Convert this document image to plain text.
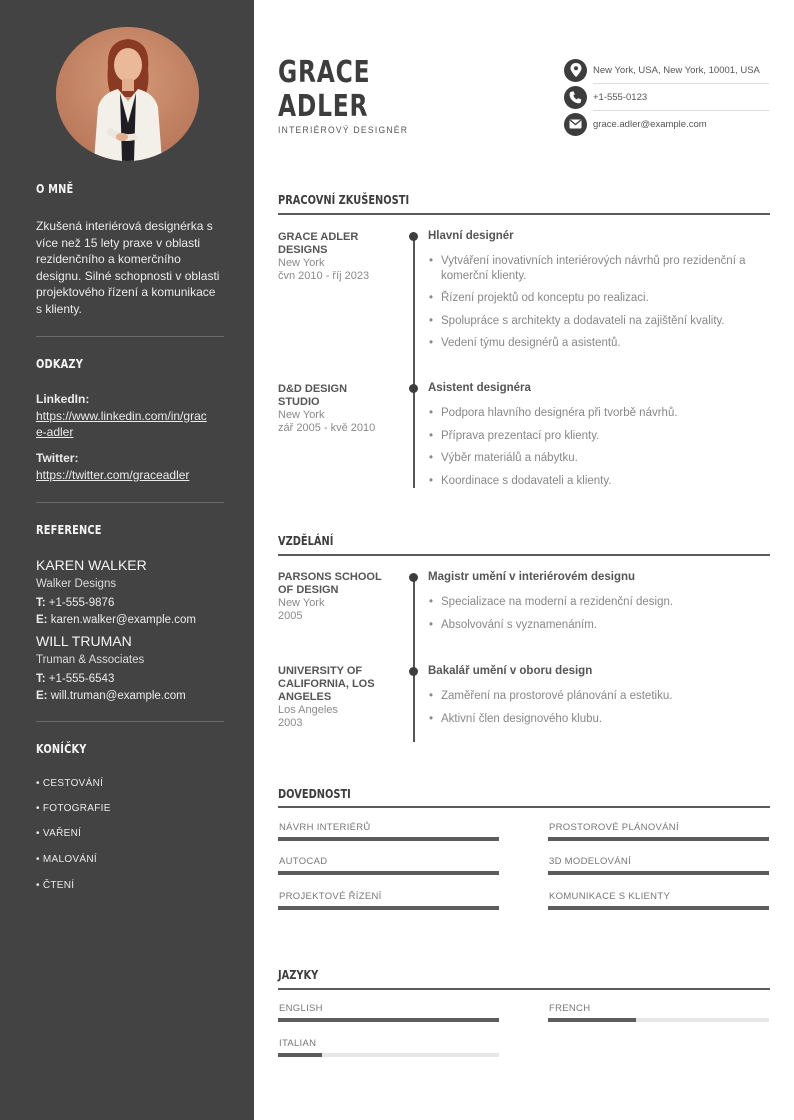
O MNĚ
Zkušená interiérová designérka s více než 15 lety praxe v oblasti rezidenčního a komerčního designu. Silné schopnosti v oblasti projektového řízení a komunikace s klienty.
ODKAZY
LinkedIn:
https://www.linkedin.com/in/grac
e-adler
Twitter:
https://twitter.com/graceadler
REFERENCE
KAREN WALKER
Walker Designs
T: +1-555-9876
E: karen.walker@example.com
WILL TRUMAN
Truman & Associates
T: +1-555-6543
E: will.truman@example.com
KONÍČKY
• CESTOVÁNÍ
• FOTOGRAFIE
• VAŘENÍ
• MALOVÁNÍ
• ČTENÍ
GRACE
ADLER
INTERIÉROVÝ DESIGNÉR
New York, USA, New York, 10001, USA
+1-555-0123
grace.adler@example.com
PRACOVNÍ ZKUŠENOSTI
GRACE ADLER
DESIGNS
New York
čvn 2010 - říj 2023
Hlavní designér
• Vytváření inovativních interiérových návrhů pro rezidenční a komerční klienty.
• Řízení projektů od konceptu po realizaci.
• Spolupráce s architekty a dodavateli na zajištění kvality.
• Vedení týmu designérů a asistentů.
D&D DESIGN
STUDIO
New York
zář 2005 - kvě 2010
Asistent designéra
• Podpora hlavního designéra při tvorbě návrhů.
• Příprava prezentací pro klienty.
• Výběr materiálů a nábytku.
• Koordinace s dodavateli a klienty.
VZDĚLÁNÍ
PARSONS SCHOOL
OF DESIGN
New York
2005
Magistr umění v interiérovém designu
• Specializace na moderní a rezidenční design.
• Absolvování s vyznamenáním.
UNIVERSITY OF
CALIFORNIA, LOS
ANGELES
Los Angeles
2003
Bakalář umění v oboru design
• Zaměření na prostorové plánování a estetiku.
• Aktivní člen designového klubu.
DOVEDNOSTI
NÁVRH INTERIÉRŮ	PROSTOROVÉ PLÁNOVÁNÍ
AUTOCAD	3D MODELOVÁNÍ
PROJEKTOVÉ ŘÍZENÍ	KOMUNIKACE S KLIENTY
JAZYKY
ENGLISH	FRENCH
ITALIAN
